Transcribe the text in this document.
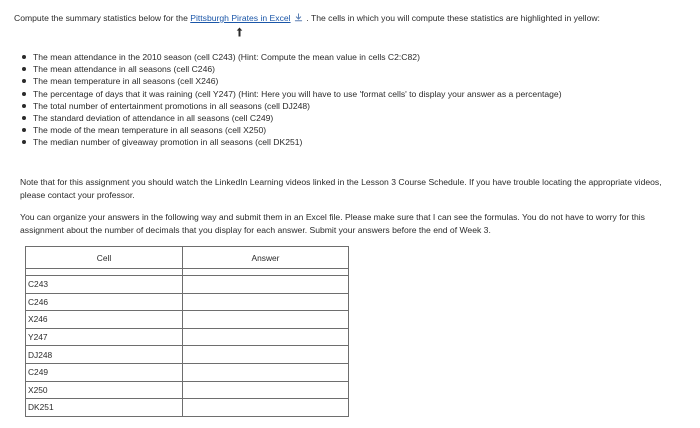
Compute the summary statistics below for the Pittsburgh Pirates in Excel  . The cells in which you will compute these statistics are highlighted in yellow:
The mean attendance in the 2010 season (cell C243) (Hint: Compute the mean value in cells C2:C82)
The mean attendance in all seasons (cell C246)
The mean temperature in all seasons (cell X246)
The percentage of days that it was raining (cell Y247) (Hint: Here you will have to use 'format cells' to display your answer as a percentage)
The total number of entertainment promotions in all seasons (cell DJ248)
The standard deviation of attendance in all seasons (cell C249)
The mode of the mean temperature in all seasons (cell X250)
The median number of giveaway promotion in all seasons (cell DK251)
Note that for this assignment you should watch the LinkedIn Learning videos linked in the Lesson 3 Course Schedule. If you have trouble locating the appropriate videos, please contact your professor.
You can organize your answers in the following way and submit them in an Excel file. Please make sure that I can see the formulas. You do not have to worry for this assignment about the number of decimals that you display for each answer. Submit your answers before the end of Week 3.
Cell	Answer

C243	
C246	
X246	
Y247	
DJ248	
C249	
X250	
DK251	
